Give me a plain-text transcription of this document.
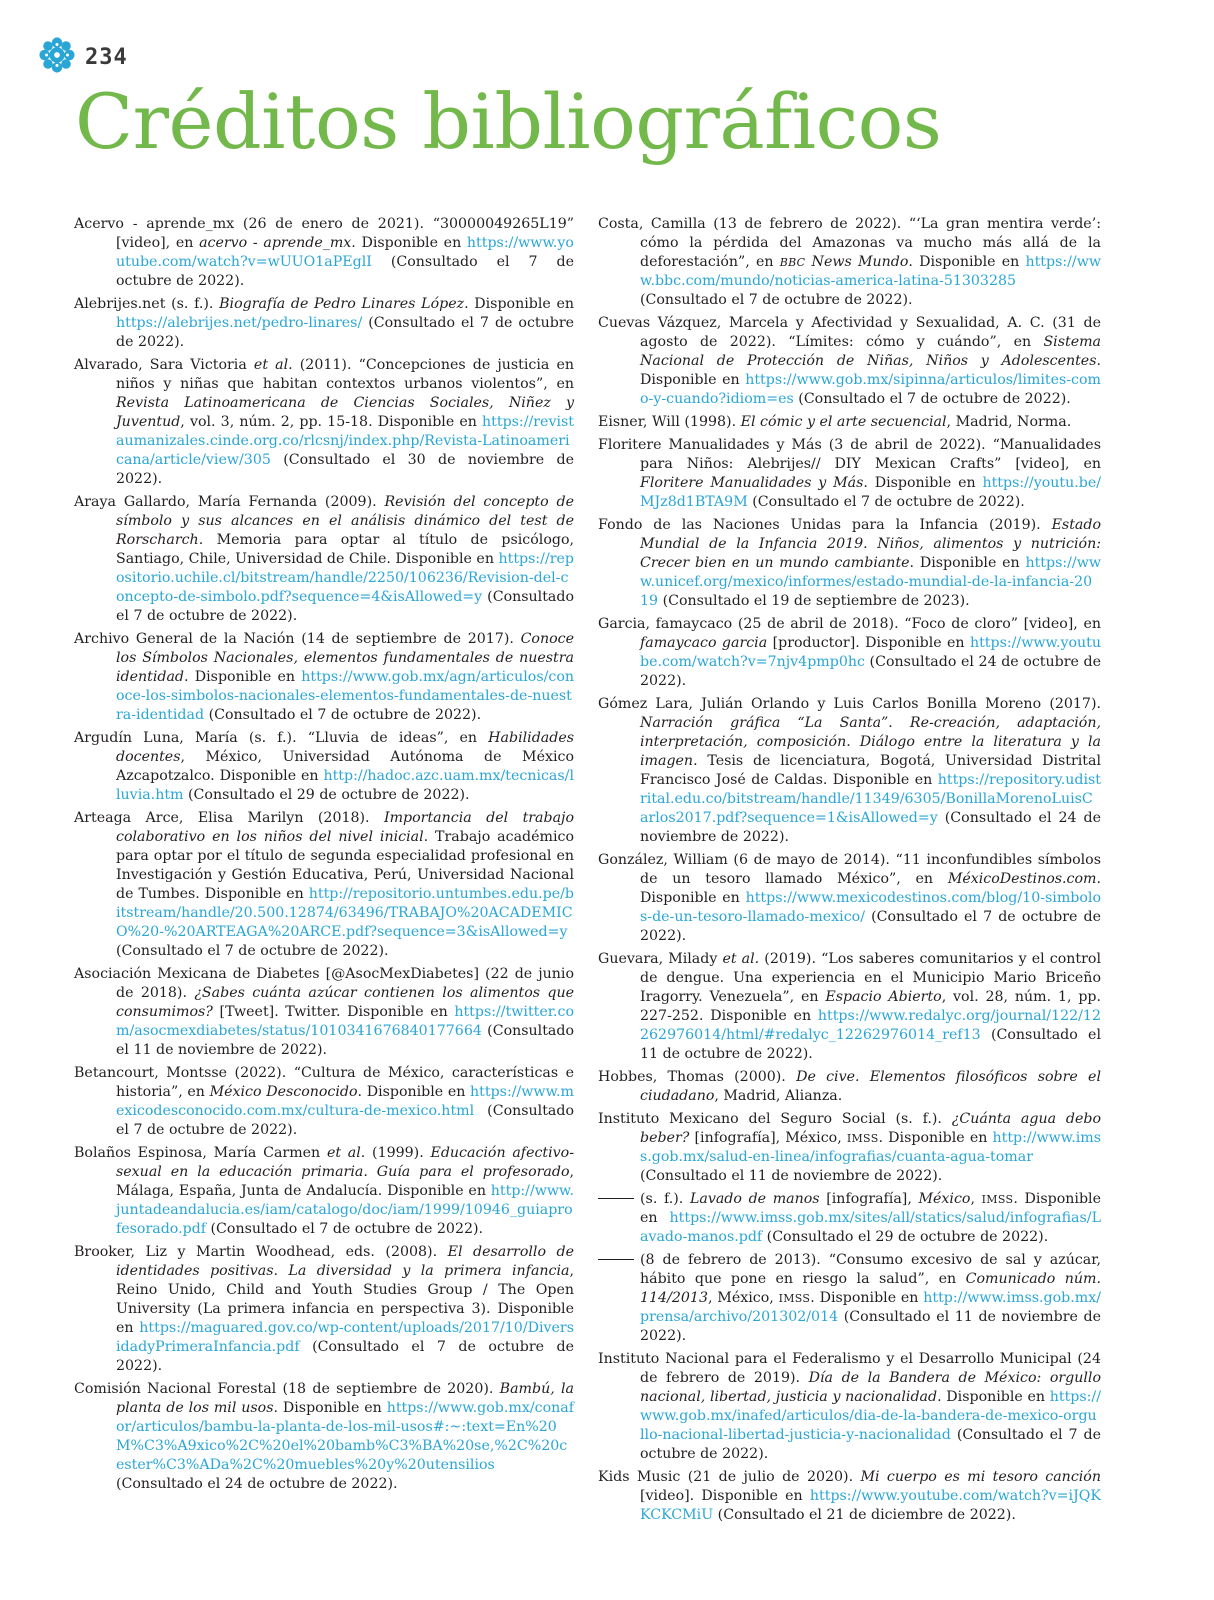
234
Créditos bibliográficos

Acervo - aprende_mx (26 de enero de 2021). “30000049265L19” [video], en acervo - aprende_mx. Disponible en https://www.youtube.com/watch?v=wUUO1aPEglI (Consultado el 7 de octubre de 2022).

Alebrijes.net (s. f.). Biografía de Pedro Linares López. Disponible en https://alebrijes.net/pedro-linares/ (Consultado el 7 de octubre de 2022).

Alvarado, Sara Victoria et al. (2011). “Concepciones de justicia en niños y niñas que habitan contextos urbanos violentos”, en Revista Latinoamericana de Ciencias Sociales, Niñez y Juventud, vol. 3, núm. 2, pp. 15-18. Disponible en https://revistaumanizales.cinde.org.co/rlcsnj/index.php/Revista-Latinoamericana/article/view/305 (Consultado el 30 de noviembre de 2022).

Araya Gallardo, María Fernanda (2009). Revisión del concepto de símbolo y sus alcances en el análisis dinámico del test de Rorscharch. Memoria para optar al título de psicólogo, Santiago, Chile, Universidad de Chile. Disponible en https://repositorio.uchile.cl/bitstream/handle/2250/106236/Revision-del-concepto-de-simbolo.pdf?sequence=4&isAllowed=y (Consultado el 7 de octubre de 2022).

Archivo General de la Nación (14 de septiembre de 2017). Conoce los Símbolos Nacionales, elementos fundamentales de nuestra identidad. Disponible en https://www.gob.mx/agn/articulos/conoce-los-simbolos-nacionales-elementos-fundamentales-de-nuestra-identidad (Consultado el 7 de octubre de 2022).

Argudín Luna, María (s. f.). “Lluvia de ideas”, en Habilidades docentes, México, Universidad Autónoma de México Azcapotzalco. Disponible en http://hadoc.azc.uam.mx/tecnicas/lluvia.htm (Consultado el 29 de octubre de 2022).

Arteaga Arce, Elisa Marilyn (2018). Importancia del trabajo colaborativo en los niños del nivel inicial. Trabajo académico para optar por el título de segunda especialidad profesional en Investigación y Gestión Educativa, Perú, Universidad Nacional de Tumbes. Disponible en http://repositorio.untumbes.edu.pe/bitstream/handle/20.500.12874/63496/TRABAJO%20ACADEMICO%20-%20ARTEAGA%20ARCE.pdf?sequence=3&isAllowed=y (Consultado el 7 de octubre de 2022).

Asociación Mexicana de Diabetes [@AsocMexDiabetes] (22 de junio de 2018). ¿Sabes cuánta azúcar contienen los alimentos que consumimos? [Tweet]. Twitter. Disponible en https://twitter.com/asocmexdiabetes/status/1010341676840177664 (Consultado el 11 de noviembre de 2022).

Betancourt, Montsse (2022). “Cultura de México, características e historia”, en México Desconocido. Disponible en https://www.mexicodesconocido.com.mx/cultura-de-mexico.html (Consultado el 7 de octubre de 2022).

Bolaños Espinosa, María Carmen et al. (1999). Educación afectivo-sexual en la educación primaria. Guía para el profesorado, Málaga, España, Junta de Andalucía. Disponible en http://www.juntadeandalucia.es/iam/catalogo/doc/iam/1999/10946_guiaprofesorado.pdf (Consultado el 7 de octubre de 2022).

Brooker, Liz y Martin Woodhead, eds. (2008). El desarrollo de identidades positivas. La diversidad y la primera infancia, Reino Unido, Child and Youth Studies Group / The Open University (La primera infancia en perspectiva 3). Disponible en https://maguared.gov.co/wp-content/uploads/2017/10/DiversidadyPrimeraInfancia.pdf (Consultado el 7 de octubre de 2022).

Comisión Nacional Forestal (18 de septiembre de 2020). Bambú, la planta de los mil usos. Disponible en https://www.gob.mx/conafor/articulos/bambu-la-planta-de-los-mil-usos#:~:text=En%20M%C3%A9xico%2C%20el%20bamb%C3%BA%20se,%2C%20cester%C3%ADa%2C%20muebles%20y%20utensilios (Consultado el 24 de octubre de 2022).

Costa, Camilla (13 de febrero de 2022). “‘La gran mentira verde’: cómo la pérdida del Amazonas va mucho más allá de la deforestación”, en BBC News Mundo. Disponible en https://www.bbc.com/mundo/noticias-america-latina-51303285 (Consultado el 7 de octubre de 2022).

Cuevas Vázquez, Marcela y Afectividad y Sexualidad, A. C. (31 de agosto de 2022). “Límites: cómo y cuándo”, en Sistema Nacional de Protección de Niñas, Niños y Adolescentes. Disponible en https://www.gob.mx/sipinna/articulos/limites-como-y-cuando?idiom=es (Consultado el 7 de octubre de 2022).

Eisner, Will (1998). El cómic y el arte secuencial, Madrid, Norma.

Floritere Manualidades y Más (3 de abril de 2022). “Manualidades para Niños: Alebrijes// DIY Mexican Crafts” [video], en Floritere Manualidades y Más. Disponible en https://youtu.be/MJz8d1BTA9M (Consultado el 7 de octubre de 2022).

Fondo de las Naciones Unidas para la Infancia (2019). Estado Mundial de la Infancia 2019. Niños, alimentos y nutrición: Crecer bien en un mundo cambiante. Disponible en https://www.unicef.org/mexico/informes/estado-mundial-de-la-infancia-2019 (Consultado el 19 de septiembre de 2023).

Garcia, famaycaco (25 de abril de 2018). “Foco de cloro” [video], en famaycaco garcia [productor]. Disponible en https://www.youtube.com/watch?v=7njv4pmp0hc (Consultado el 24 de octubre de 2022).

Gómez Lara, Julián Orlando y Luis Carlos Bonilla Moreno (2017). Narración gráfica “La Santa”. Re-creación, adaptación, interpretación, composición. Diálogo entre la literatura y la imagen. Tesis de licenciatura, Bogotá, Universidad Distrital Francisco José de Caldas. Disponible en https://repository.udistrital.edu.co/bitstream/handle/11349/6305/BonillaMorenoLuisCarlos2017.pdf?sequence=1&isAllowed=y (Consultado el 24 de noviembre de 2022).

González, William (6 de mayo de 2014). “11 inconfundibles símbolos de un tesoro llamado México”, en MéxicoDestinos.com. Disponible en https://www.mexicodestinos.com/blog/10-simbolos-de-un-tesoro-llamado-mexico/ (Consultado el 7 de octubre de 2022).

Guevara, Milady et al. (2019). “Los saberes comunitarios y el control de dengue. Una experiencia en el Municipio Mario Briceño Iragorry. Venezuela”, en Espacio Abierto, vol. 28, núm. 1, pp. 227-252. Disponible en https://www.redalyc.org/journal/122/12262976014/html/#redalyc_12262976014_ref13 (Consultado el 11 de octubre de 2022).

Hobbes, Thomas (2000). De cive. Elementos filosóficos sobre el ciudadano, Madrid, Alianza.

Instituto Mexicano del Seguro Social (s. f.). ¿Cuánta agua debo beber? [infografía], México, IMSS. Disponible en http://www.imss.gob.mx/salud-en-linea/infografias/cuanta-agua-tomar (Consultado el 11 de noviembre de 2022).

(s. f.). Lavado de manos [infografía], México, IMSS. Disponible en https://www.imss.gob.mx/sites/all/statics/salud/infografias/Lavado-manos.pdf (Consultado el 29 de octubre de 2022).

(8 de febrero de 2013). “Consumo excesivo de sal y azúcar, hábito que pone en riesgo la salud”, en Comunicado núm. 114/2013, México, IMSS. Disponible en http://www.imss.gob.mx/prensa/archivo/201302/014 (Consultado el 11 de noviembre de 2022).

Instituto Nacional para el Federalismo y el Desarrollo Municipal (24 de febrero de 2019). Día de la Bandera de México: orgullo nacional, libertad, justicia y nacionalidad. Disponible en https://www.gob.mx/inafed/articulos/dia-de-la-bandera-de-mexico-orgullo-nacional-libertad-justicia-y-nacionalidad (Consultado el 7 de octubre de 2022).

Kids Music (21 de julio de 2020). Mi cuerpo es mi tesoro canción [video]. Disponible en https://www.youtube.com/watch?v=iJQKKCKCMiU (Consultado el 21 de diciembre de 2022).
